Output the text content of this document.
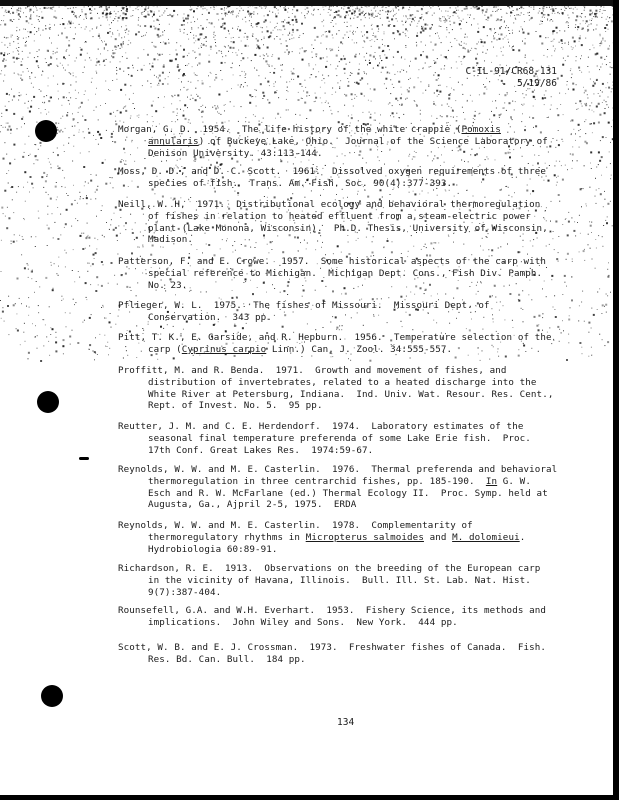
C-IL-91/CR68-131
5/19/86
Morgan, G. D.  1954.  The life history of the white crappie (Pomoxis
annularis) of Buckeye Lake, Ohio.  Journal of the Science Laboratory of
Denison University. 43:113-144.
Moss, D. D., and D. C. Scott.  1961.  Dissolved oxygen requirements of three
species of fish.  Trans. Am. Fish. Soc. 90(4):377-393.
Neill, W. H.  1971.  Distributional ecology and behavioral thermoregulation
of fishes in relation to heated effluent from a steam-electric power
plant (Lake Monona, Wisconsin).  Ph.D. Thesis, University of Wisconsin,
Madison.
Patterson, F. and E. Crowe.  1957.  Some historical aspects of the carp with
special reference to Michigan.  Michigan Dept. Cons., Fish Div. Pamph.
No. 23.
Pflieger, W. L.  1975.  The fishes of Missouri.  Missouri Dept. of
Conservation.  343 pp.
Pitt, T. K., E. Garside, and R. Hepburn.  1956.  Temperature selection of the
carp (Cyprinus carpio Linn.) Can. J. Zool. 34:555-557.
Proffitt, M. and R. Benda.  1971.  Growth and movement of fishes, and
distribution of invertebrates, related to a heated discharge into the
White River at Petersburg, Indiana.  Ind. Univ. Wat. Resour. Res. Cent.,
Rept. of Invest. No. 5.  95 pp.
Reutter, J. M. and C. E. Herdendorf.  1974.  Laboratory estimates of the
seasonal final temperature preferenda of some Lake Erie fish.  Proc.
17th Conf. Great Lakes Res.  1974:59-67.
Reynolds, W. W. and M. E. Casterlin.  1976.  Thermal preferenda and behavioral
thermoregulation in three centrarchid fishes, pp. 185-190.  In G. W.
Esch and R. W. McFarlane (ed.) Thermal Ecology II.  Proc. Symp. held at
Augusta, Ga., Ajpril 2-5, 1975.  ERDA
Reynolds, W. W. and M. E. Casterlin.  1978.  Complementarity of
thermoregulatory rhythms in Micropterus salmoides and M. dolomieui.
Hydrobiologia 60:89-91.
Richardson, R. E.  1913.  Observations on the breeding of the European carp
in the vicinity of Havana, Illinois.  Bull. Ill. St. Lab. Nat. Hist.
9(7):387-404.
Rounsefell, G.A. and W.H. Everhart.  1953.  Fishery Science, its methods and
implications.  John Wiley and Sons.  New York.  444 pp.
Scott, W. B. and E. J. Crossman.  1973.  Freshwater fishes of Canada.  Fish.
Res. Bd. Can. Bull.  184 pp.
134
